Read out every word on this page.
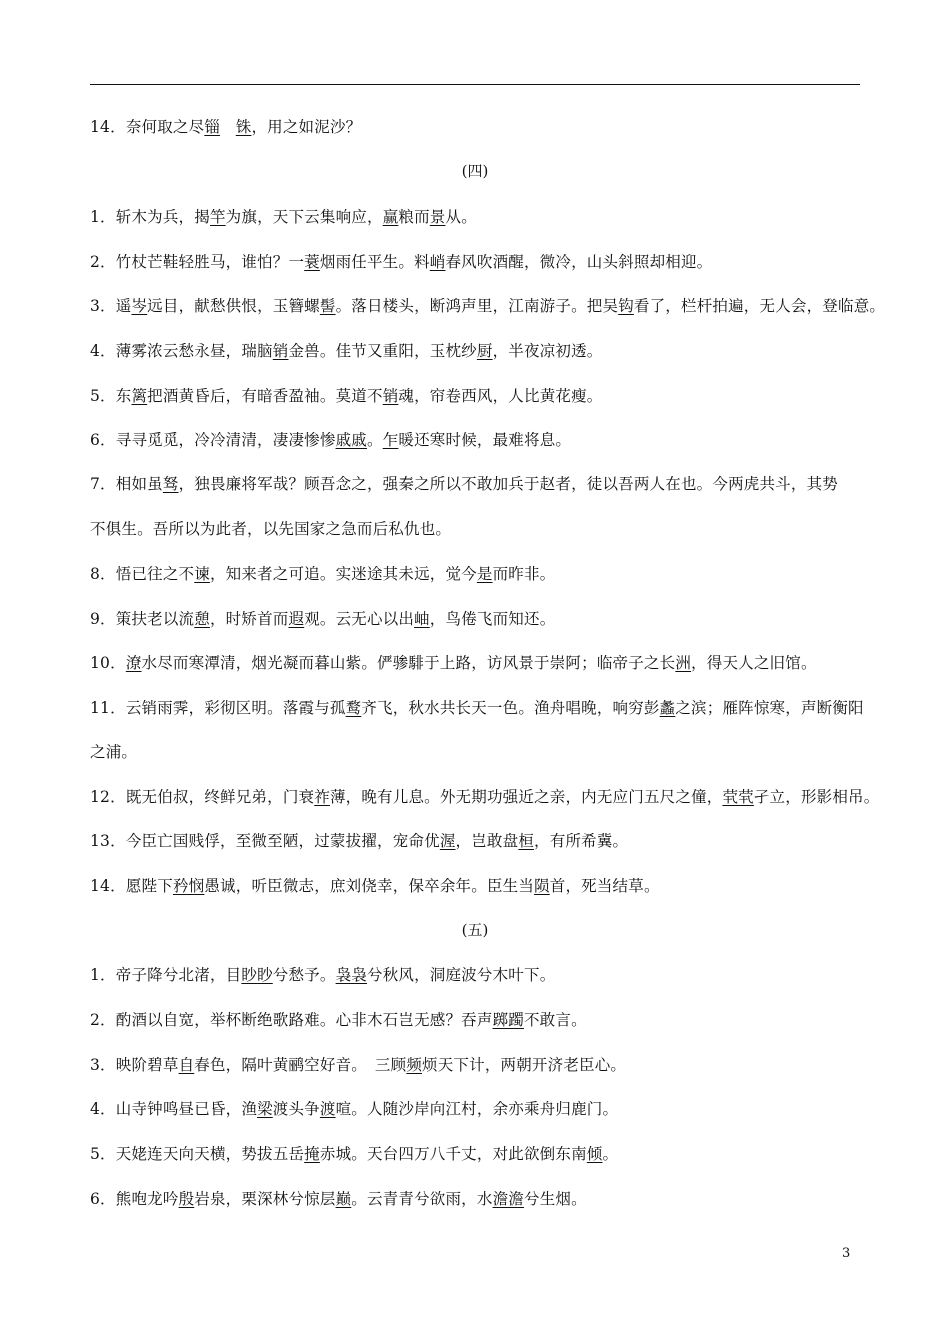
14．奈何取之尽锱　 铢，用之如泥沙？
(四)
1．斩木为兵，揭竿为旗，天下云集响应，赢粮而景从。
2．竹杖芒鞋轻胜马，谁怕？一蓑烟雨任平生。料峭春风吹酒醒，微冷，山头斜照却相迎。
3．遥岑远目，献愁供恨，玉簪螺髻。落日楼头，断鸿声里，江南游子。把吴钩看了，栏杆拍遍，无人会，登临意。
4．薄雾浓云愁永昼，瑞脑销金兽。佳节又重阳，玉枕纱厨，半夜凉初透。
5．东篱把酒黄昏后，有暗香盈袖。莫道不销魂，帘卷西风，人比黄花瘦。
6．寻寻觅觅，冷冷清清，凄凄惨惨戚戚。乍暖还寒时候，最难将息。
7．相如虽驽，独畏廉将军哉？顾吾念之，强秦之所以不敢加兵于赵者，徒以吾两人在也。今两虎共斗，其势
不俱生。吾所以为此者，以先国家之急而后私仇也。
8．悟已往之不谏，知来者之可追。实迷途其未远，觉今是而昨非。
9．策扶老以流憩，时矫首而遐观。云无心以出岫，鸟倦飞而知还。
10．潦水尽而寒潭清，烟光凝而暮山紫。俨骖騑于上路，访风景于崇阿；临帝子之长洲，得天人之旧馆。
11．云销雨霁，彩彻区明。落霞与孤鹜齐飞，秋水共长天一色。渔舟唱晚，响穷彭蠡之滨；雁阵惊寒，声断衡阳
之浦。
12．既无伯叔，终鲜兄弟，门衰祚薄，晚有儿息。外无期功强近之亲，内无应门五尺之僮，茕茕孑立，形影相吊。
13．今臣亡国贱俘，至微至陋，过蒙拔擢，宠命优渥，岂敢盘桓，有所希冀。
14．愿陛下矜悯愚诚，听臣微志，庶刘侥幸，保卒余年。臣生当陨首，死当结草。
(五)
1．帝子降兮北渚，目眇眇兮愁予。袅袅兮秋风，洞庭波兮木叶下。
2．酌酒以自宽，举杯断绝歌路难。心非木石岂无感？吞声踯躅不敢言。
3．映阶碧草自春色，隔叶黄鹂空好音。　三顾频烦天下计，两朝开济老臣心。
4．山寺钟鸣昼已昏，渔梁渡头争渡喧。人随沙岸向江村，余亦乘舟归鹿门。
5．天姥连天向天横，势拔五岳掩赤城。天台四万八千丈，对此欲倒东南倾。
6．熊咆龙吟殷岩泉，栗深林兮惊层巅。云青青兮欲雨，水澹澹兮生烟。
3
